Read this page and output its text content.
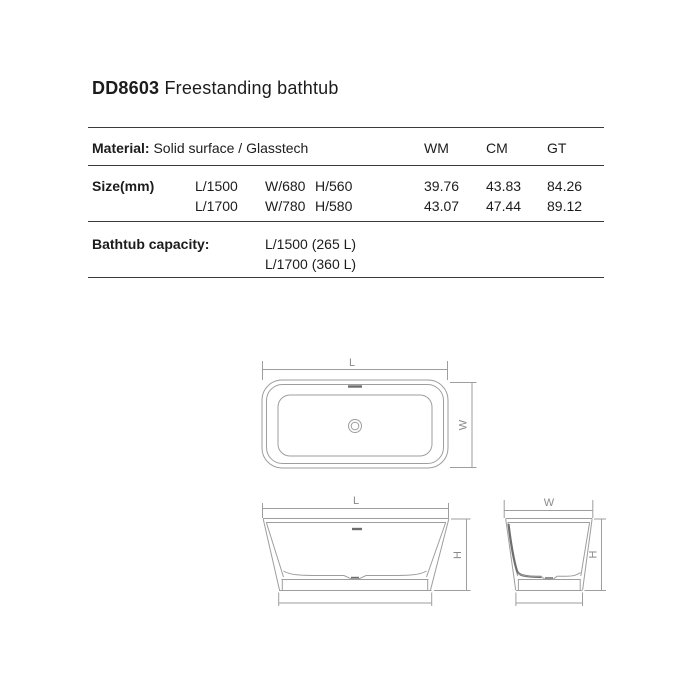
DD8603 Freestanding bathtub
Material: Solid surface / Glasstech	WM	CM	GT
Size(mm)	L/1500 W/680 H/560	39.76 43.83 84.26
L/1700 W/780 H/580	43.07 47.44 89.12
Bathtub capacity:	L/1500 (265 L)
L/1700 (360 L)
L
W
L
H
W
H
